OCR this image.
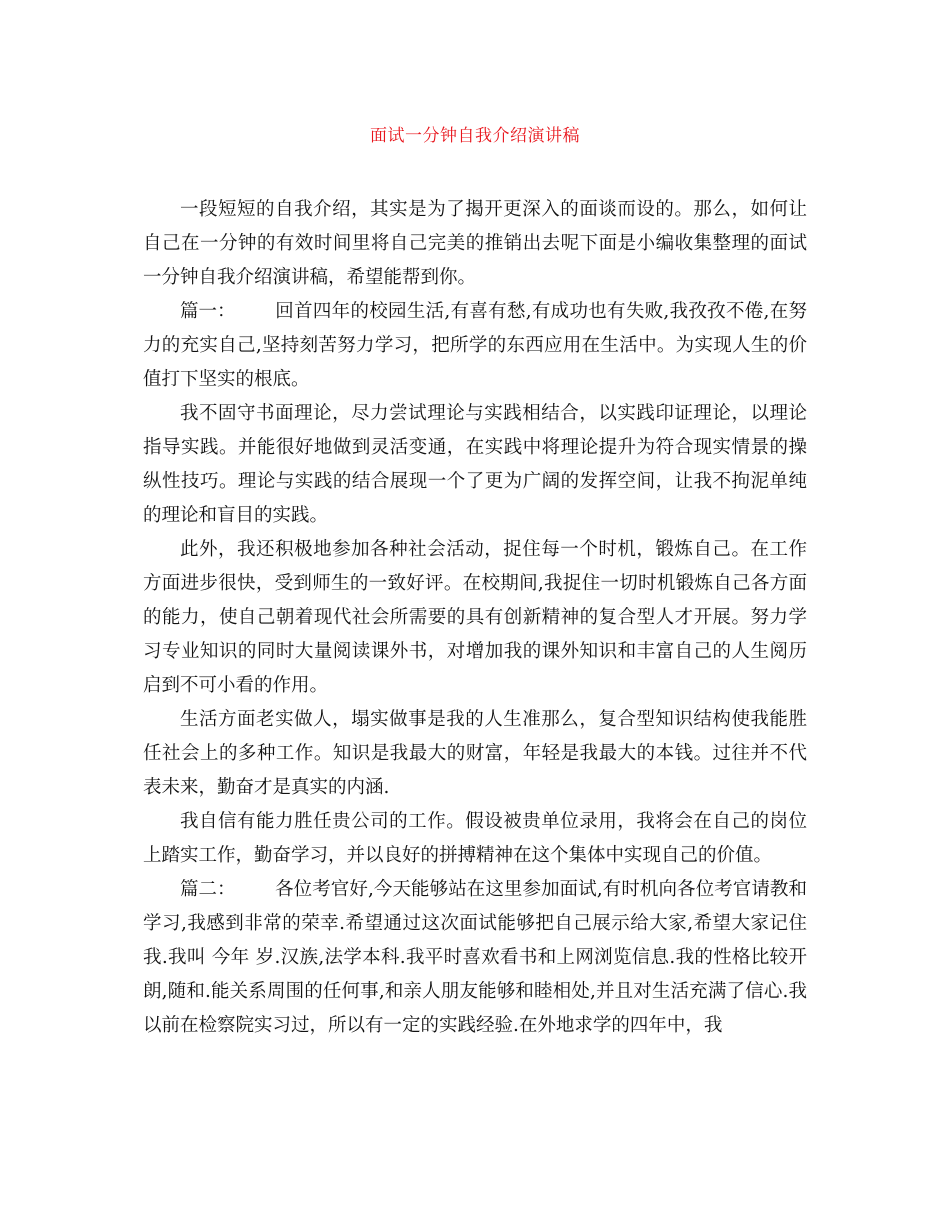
面试一分钟自我介绍演讲稿

一段短短的自我介绍，其实是为了揭开更深入的面谈而设的。那么，如何让自己在一分钟的有效时间里将自己完美的推销出去呢下面是小编收集整理的面试一分钟自我介绍演讲稿，希望能帮到你。

篇一： 回首四年的校园生活,有喜有愁,有成功也有失败,我孜孜不倦,在努力的充实自己,坚持刻苦努力学习，把所学的东西应用在生活中。为实现人生的价值打下坚实的根底。

我不固守书面理论，尽力尝试理论与实践相结合，以实践印证理论，以理论指导实践。并能很好地做到灵活变通，在实践中将理论提升为符合现实情景的操纵性技巧。理论与实践的结合展现一个了更为广阔的发挥空间，让我不拘泥单纯的理论和盲目的实践。

此外，我还积极地参加各种社会活动，捉住每一个时机，锻炼自己。在工作方面进步很快，受到师生的一致好评。在校期间,我捉住一切时机锻炼自己各方面的能力，使自己朝着现代社会所需要的具有创新精神的复合型人才开展。努力学习专业知识的同时大量阅读课外书，对增加我的课外知识和丰富自己的人生阅历启到不可小看的作用。

生活方面老实做人，塌实做事是我的人生准那么，复合型知识结构使我能胜任社会上的多种工作。知识是我最大的财富，年轻是我最大的本钱。过往并不代表未来，勤奋才是真实的内涵.

我自信有能力胜任贵公司的工作。假设被贵单位录用，我将会在自己的岗位上踏实工作，勤奋学习，并以良好的拼搏精神在这个集体中实现自己的价值。

篇二： 各位考官好,今天能够站在这里参加面试,有时机向各位考官请教和学习,我感到非常的荣幸.希望通过这次面试能够把自己展示给大家,希望大家记住我.我叫 今年 岁.汉族,法学本科.我平时喜欢看书和上网浏览信息.我的性格比较开朗,随和.能关系周围的任何事,和亲人朋友能够和睦相处,并且对生活充满了信心.我以前在检察院实习过，所以有一定的实践经验.在外地求学的四年中，我
